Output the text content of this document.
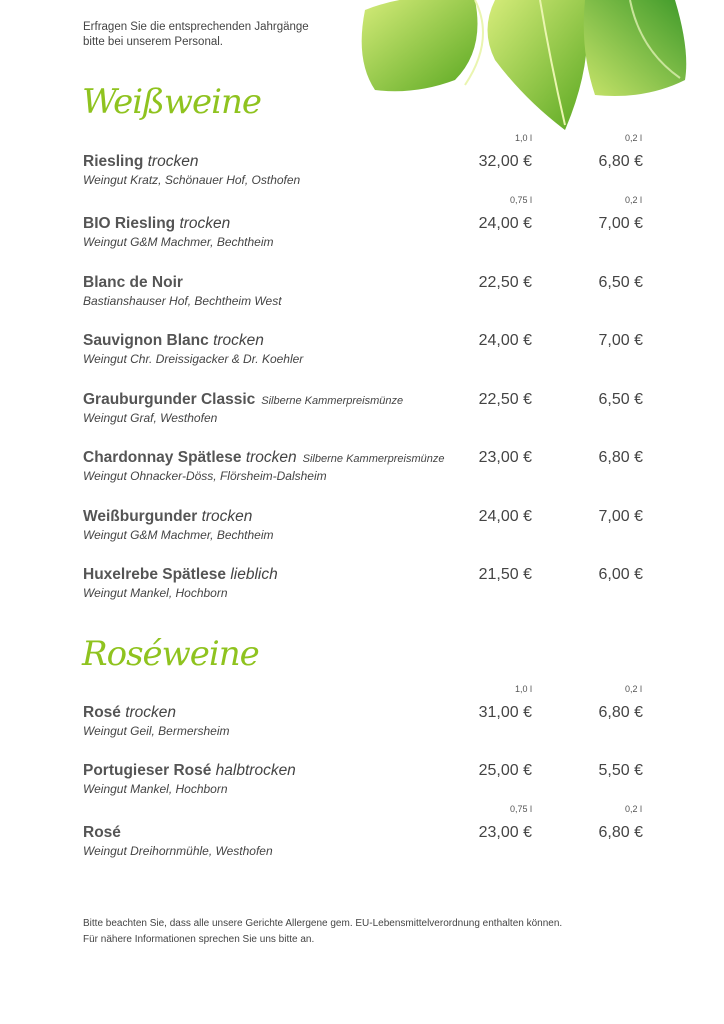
Erfragen Sie die entsprechenden Jahrgänge
bitte bei unserem Personal.
Weißweine
1,0 l	0,2 l
Riesling trocken
Weingut Kratz, Schönauer Hof, Osthofen
32,00 €	6,80 €
0,75 l	0,2 l
BIO Riesling trocken
Weingut G&M Machmer, Bechtheim
24,00 €	7,00 €
Blanc de Noir
Bastianshauser Hof, Bechtheim West
22,50 €	6,50 €
Sauvignon Blanc trocken
Weingut Chr. Dreissigacker & Dr. Koehler
24,00 €	7,00 €
Grauburgunder Classic Silberne Kammerpreismünze
Weingut Graf, Westhofen
22,50 €	6,50 €
Chardonnay Spätlese trocken Silberne Kammerpreismünze
Weingut Ohnacker-Döss, Flörsheim-Dalsheim
23,00 €	6,80 €
Weißburgunder trocken
Weingut G&M Machmer, Bechtheim
24,00 €	7,00 €
Huxelrebe Spätlese lieblich
Weingut Mankel, Hochborn
21,50 €	6,00 €
Roséweine
1,0 l	0,2 l
Rosé trocken
Weingut Geil, Bermersheim
31,00 €	6,80 €
Portugieser Rosé halbtrocken
Weingut Mankel, Hochborn
25,00 €	5,50 €
0,75 l	0,2 l
Rosé
Weingut Dreihornmühle, Westhofen
23,00 €	6,80 €
Bitte beachten Sie, dass alle unsere Gerichte Allergene gem. EU-Lebensmittelverordnung enthalten können.
Für nähere Informationen sprechen Sie uns bitte an.
